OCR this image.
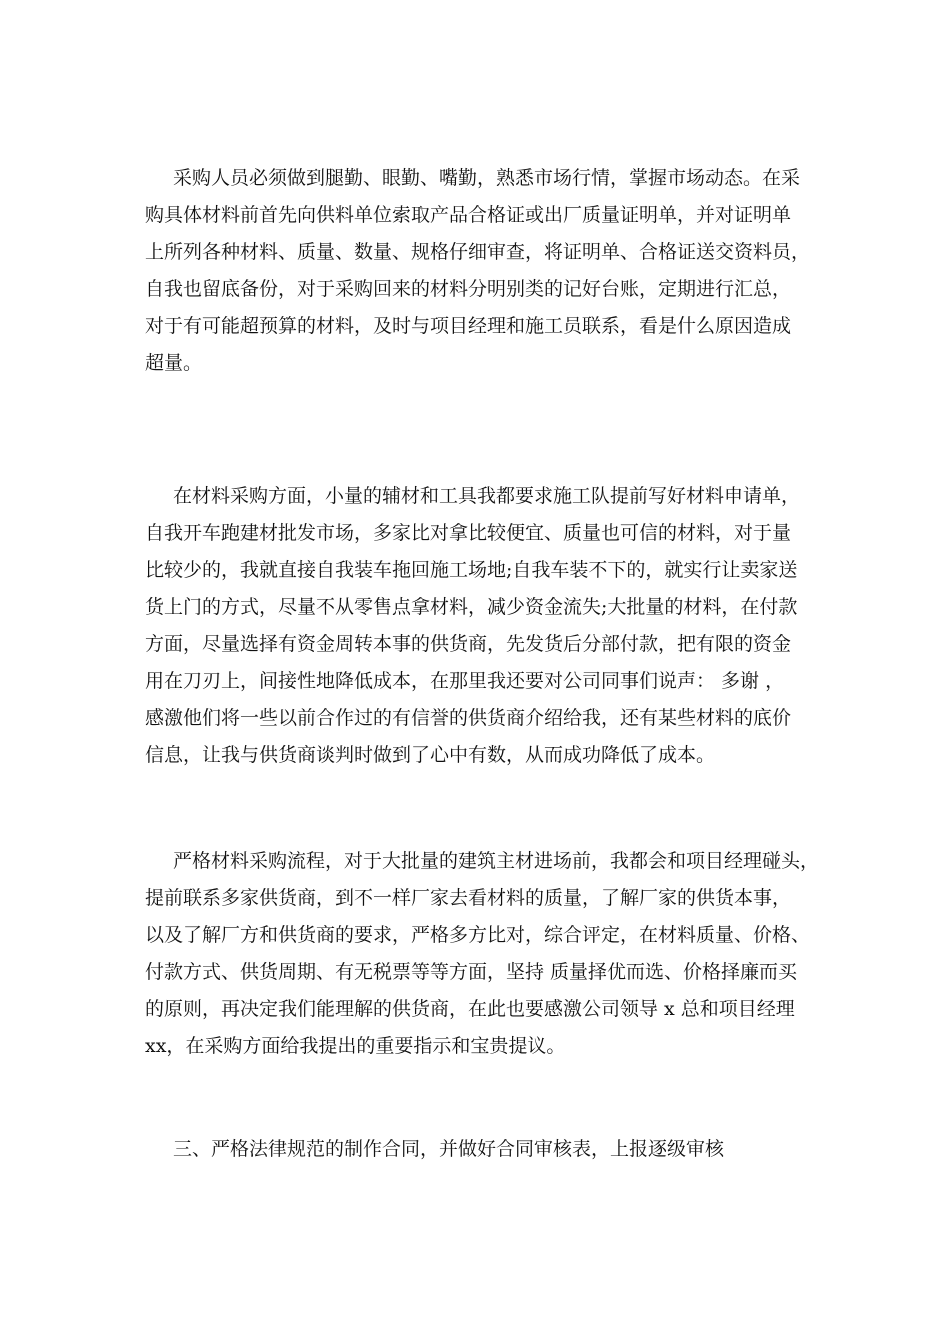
采购人员必须做到腿勤、眼勤、嘴勤，熟悉市场行情，掌握市场动态。在采
购具体材料前首先向供料单位索取产品合格证或出厂质量证明单，并对证明单
上所列各种材料、质量、数量、规格仔细审查，将证明单、合格证送交资料员，
自我也留底备份，对于采购回来的材料分明别类的记好台账，定期进行汇总，
对于有可能超预算的材料，及时与项目经理和施工员联系，看是什么原因造成
超量。
在材料采购方面，小量的辅材和工具我都要求施工队提前写好材料申请单，
自我开车跑建材批发市场，多家比对拿比较便宜、质量也可信的材料，对于量
比较少的，我就直接自我装车拖回施工场地;自我车装不下的，就实行让卖家送
货上门的方式，尽量不从零售点拿材料，减少资金流失;大批量的材料，在付款
方面，尽量选择有资金周转本事的供货商，先发货后分部付款，把有限的资金
用在刀刃上，间接性地降低成本，在那里我还要对公司同事们说声： 多谢 ，
感激他们将一些以前合作过的有信誉的供货商介绍给我，还有某些材料的底价
信息，让我与供货商谈判时做到了心中有数，从而成功降低了成本。
严格材料采购流程，对于大批量的建筑主材进场前，我都会和项目经理碰头，
提前联系多家供货商，到不一样厂家去看材料的质量，了解厂家的供货本事，
以及了解厂方和供货商的要求，严格多方比对，综合评定，在材料质量、价格、
付款方式、供货周期、有无税票等等方面，坚持 质量择优而选、价格择廉而买
的原则，再决定我们能理解的供货商，在此也要感激公司领导 x 总和项目经理
xx，在采购方面给我提出的重要指示和宝贵提议。
三、严格法律规范的制作合同，并做好合同审核表，上报逐级审核
